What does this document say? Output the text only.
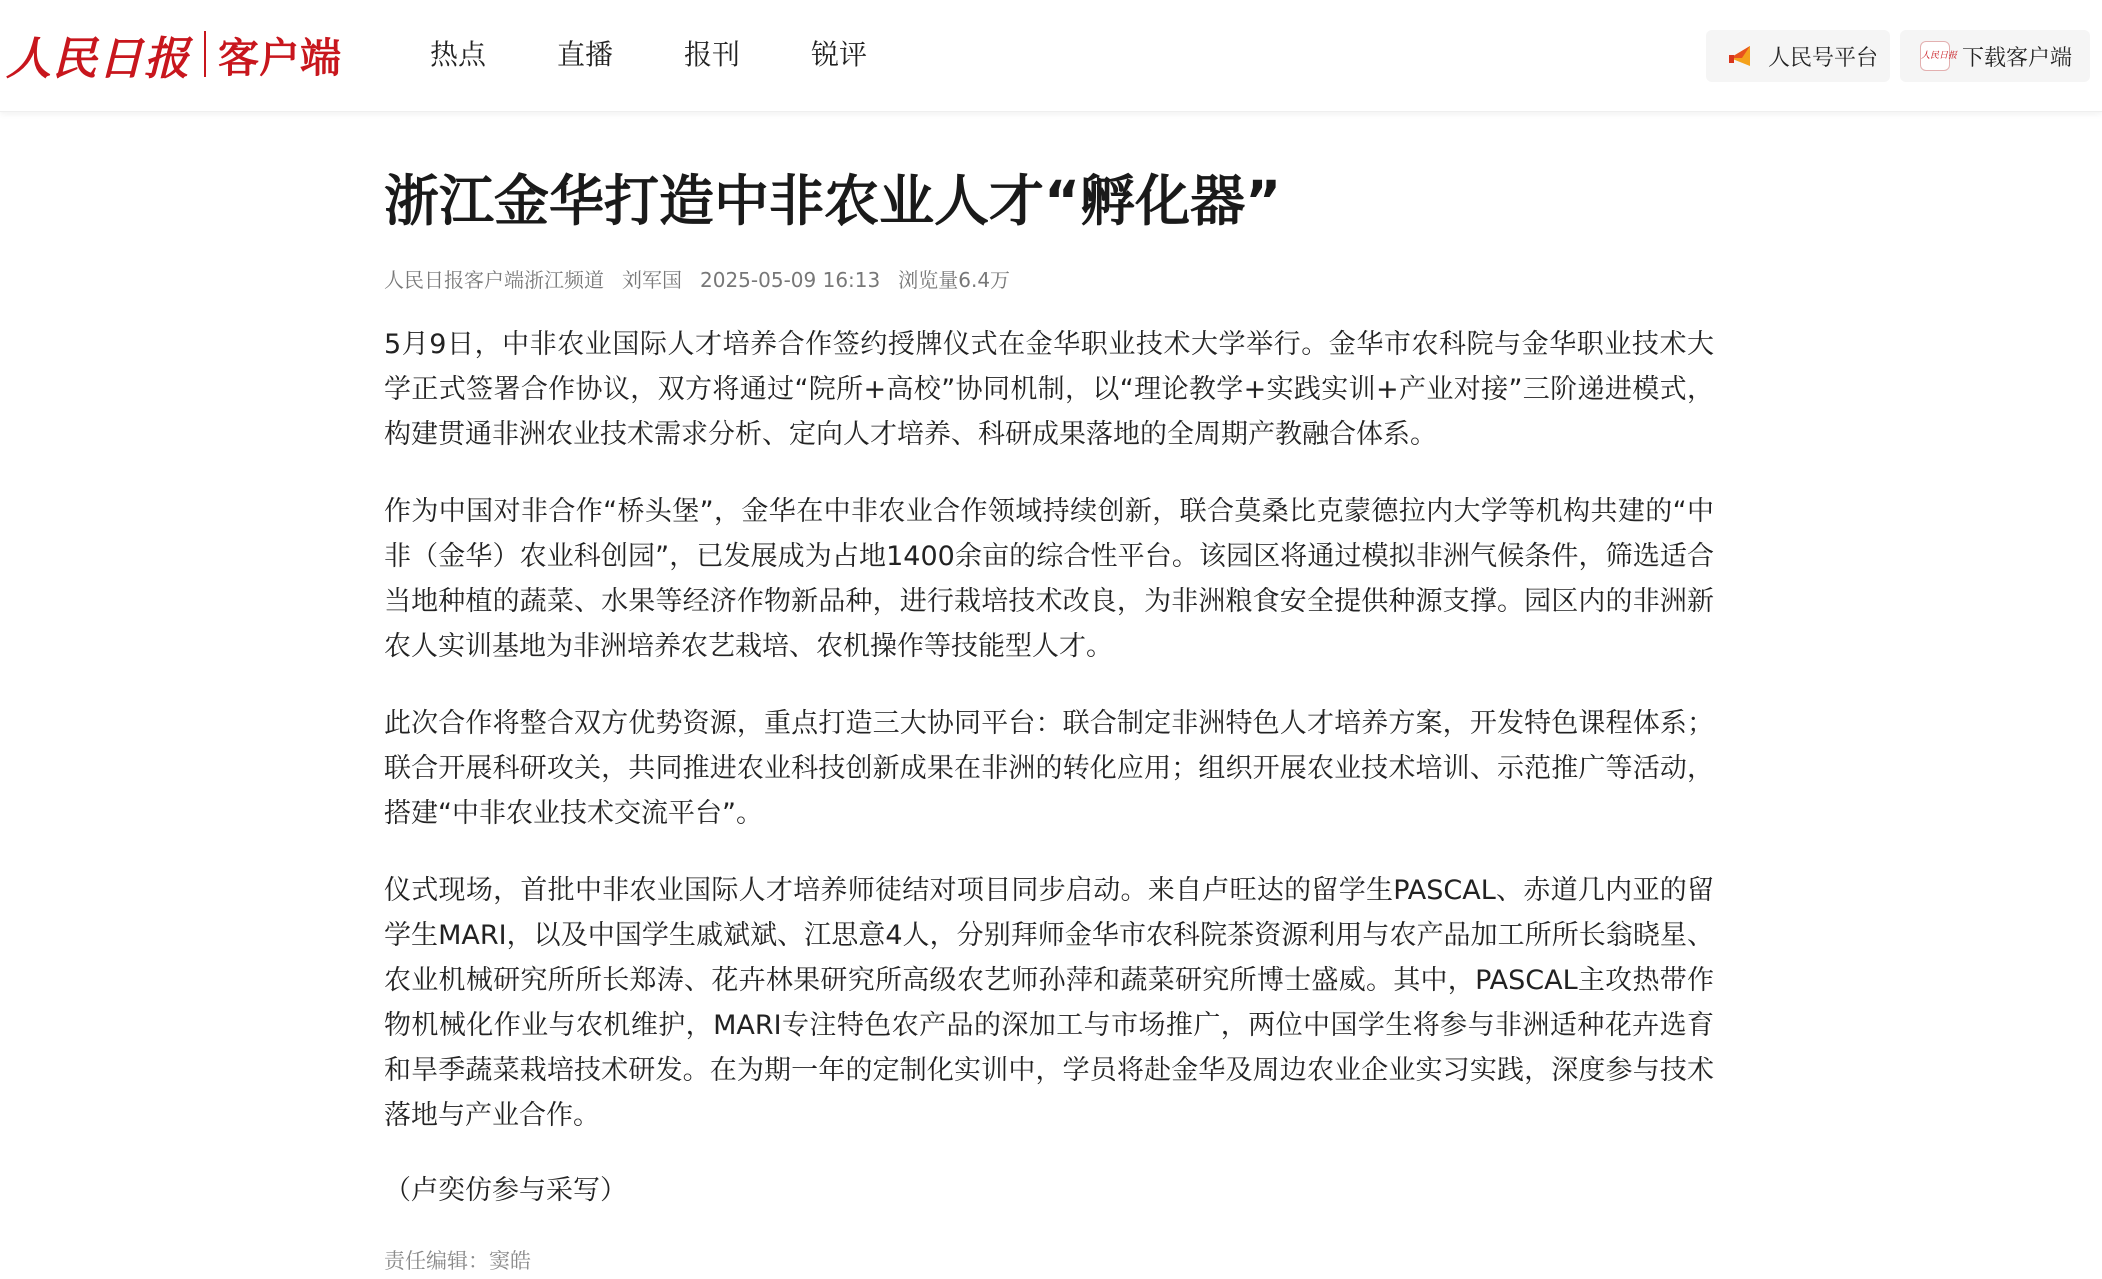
人民日报 客户端	热点	直播	报刊	锐评	人民号平台	人民日报 下载客户端
浙江金华打造中非农业人才“孵化器”
人民日报客户端浙江频道 刘军国 2025-05-09 16:13 浏览量6.4万

5月9日，中非农业国际人才培养合作签约授牌仪式在金华职业技术大学举行。金华市农科院与金华职业技术大学正式签署合作协议，双方将通过“院所+高校”协同机制，以“理论教学+实践实训+产业对接”三阶递进模式，构建贯通非洲农业技术需求分析、定向人才培养、科研成果落地的全周期产教融合体系。

作为中国对非合作“桥头堡”，金华在中非农业合作领域持续创新，联合莫桑比克蒙德拉内大学等机构共建的“中非（金华）农业科创园”，已发展成为占地1400余亩的综合性平台。该园区将通过模拟非洲气候条件，筛选适合当地种植的蔬菜、水果等经济作物新品种，进行栽培技术改良，为非洲粮食安全提供种源支撑。园区内的非洲新农人实训基地为非洲培养农艺栽培、农机操作等技能型人才。

此次合作将整合双方优势资源，重点打造三大协同平台：联合制定非洲特色人才培养方案，开发特色课程体系；联合开展科研攻关，共同推进农业科技创新成果在非洲的转化应用；组织开展农业技术培训、示范推广等活动，搭建“中非农业技术交流平台”。

仪式现场，首批中非农业国际人才培养师徒结对项目同步启动。来自卢旺达的留学生PASCAL、赤道几内亚的留学生MARI，以及中国学生戚斌斌、江思意4人，分别拜师金华市农科院茶资源利用与农产品加工所所长翁晓星、农业机械研究所所长郑涛、花卉林果研究所高级农艺师孙萍和蔬菜研究所博士盛威。其中，PASCAL主攻热带作物机械化作业与农机维护，MARI专注特色农产品的深加工与市场推广，两位中国学生将参与非洲适种花卉选育和旱季蔬菜栽培技术研发。在为期一年的定制化实训中，学员将赴金华及周边农业企业实习实践，深度参与技术落地与产业合作。

（卢奕仿参与采写）

责任编辑：窦皓
